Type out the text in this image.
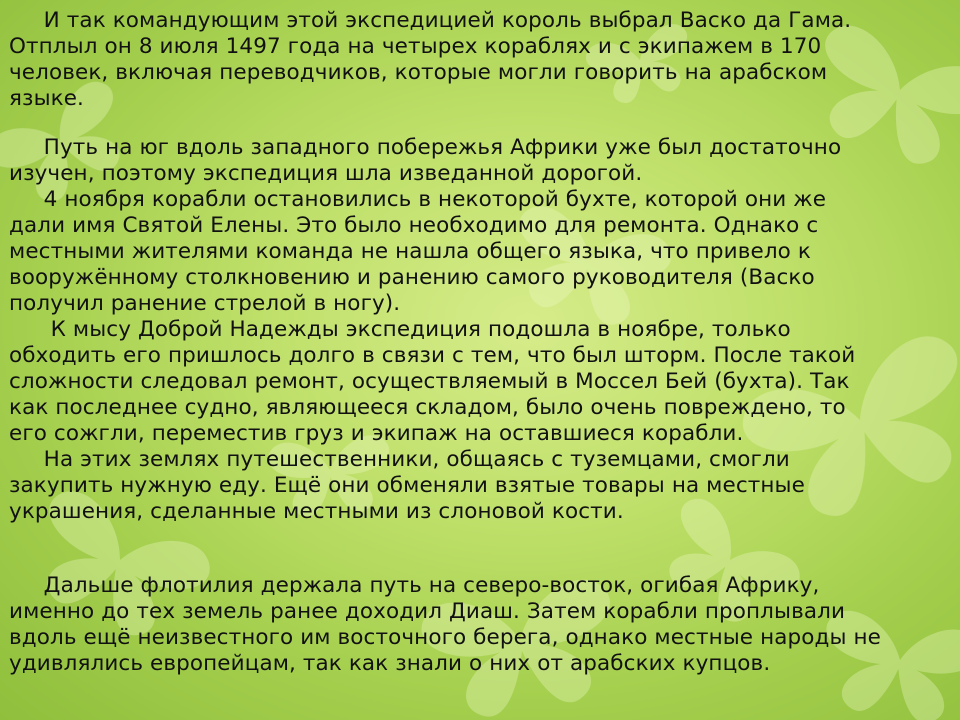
И так командующим этой экспедицией король выбрал Васко да Гама.
Отплыл он 8 июля 1497 года на четырех кораблях и с экипажем в 170
человек, включая переводчиков, которые могли говорить на арабском
языке.
Путь на юг вдоль западного побережья Африки уже был достаточно
изучен, поэтому экспедиция шла изведанной дорогой.
4 ноября корабли остановились в некоторой бухте, которой они же
дали имя Святой Елены. Это было необходимо для ремонта. Однако с
местными жителями команда не нашла общего языка, что привело к
вооружённому столкновению и ранению самого руководителя (Васко
получил ранение стрелой в ногу).
К мысу Доброй Надежды экспедиция подошла в ноябре, только
обходить его пришлось долго в связи с тем, что был шторм. После такой
сложности следовал ремонт, осуществляемый в Моссел Бей (бухта). Так
как последнее судно, являющееся складом, было очень повреждено, то
его сожгли, переместив груз и экипаж на оставшиеся корабли.
На этих землях путешественники, общаясь с туземцами, смогли
закупить нужную еду. Ещё они обменяли взятые товары на местные
украшения, сделанные местными из слоновой кости.
Дальше флотилия держала путь на северо-восток, огибая Африку,
именно до тех земель ранее доходил Диаш. Затем корабли проплывали
вдоль ещё неизвестного им восточного берега, однако местные народы не
удивлялись европейцам, так как знали о них от арабских купцов.
